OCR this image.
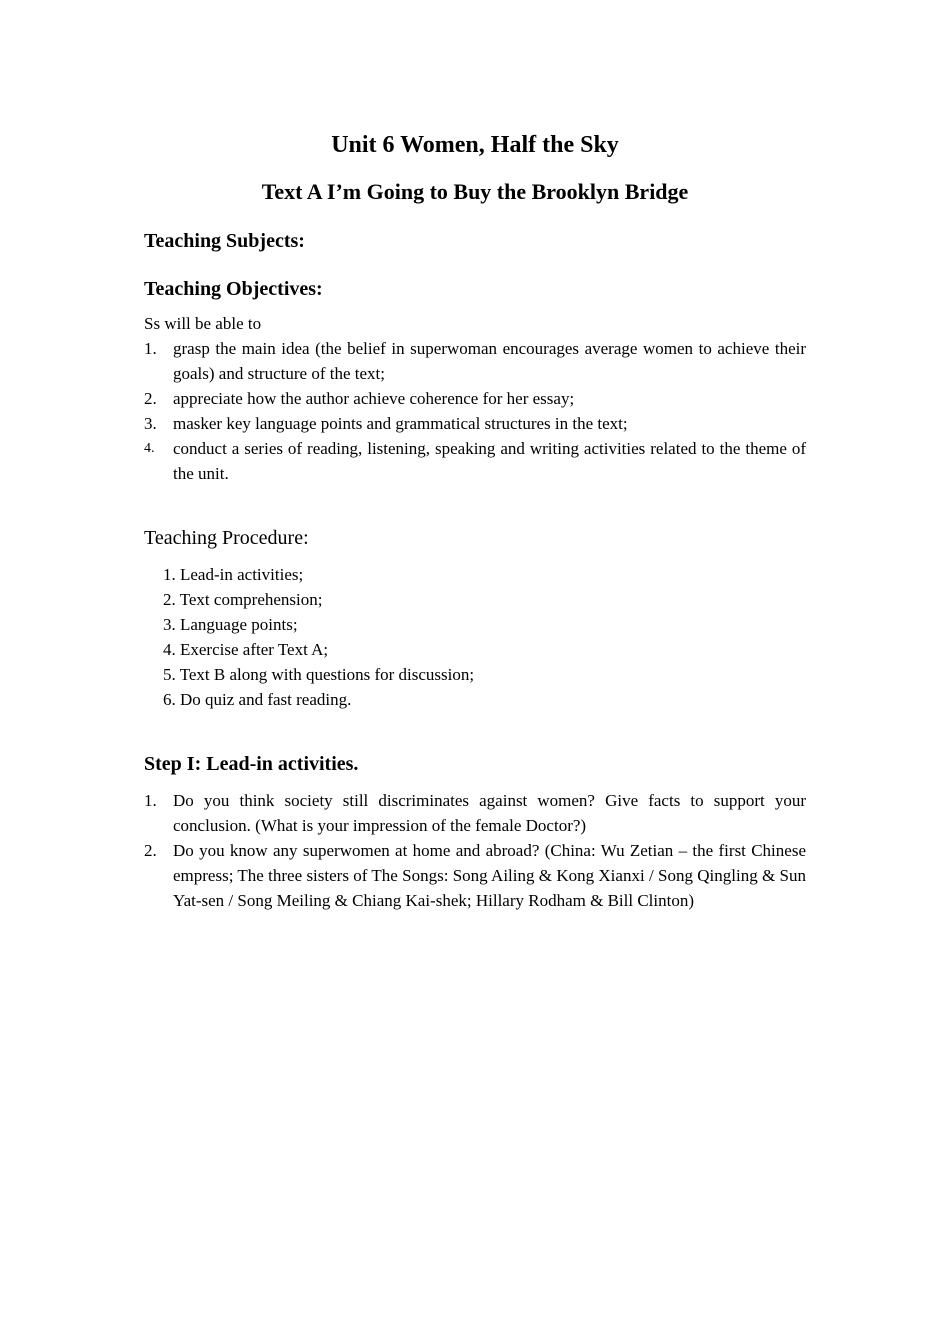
Unit 6 Women, Half the Sky
Text A I’m Going to Buy the Brooklyn Bridge
Teaching Subjects:
Teaching Objectives:

Ss will be able to

1. grasp the main idea (the belief in superwoman encourages average women to achieve their goals) and structure of the text;
2. appreciate how the author achieve coherence for her essay;
3. masker key language points and grammatical structures in the text;
4. conduct a series of reading, listening, speaking and writing activities related to the theme of the unit.
Teaching Procedure:
1. Lead-in activities;
2. Text comprehension;
3. Language points;
4. Exercise after Text A;
5. Text B along with questions for discussion;
6. Do quiz and fast reading.
Step I: Lead-in activities.
1. Do you think society still discriminates against women? Give facts to support your conclusion. (What is your impression of the female Doctor?)
2. Do you know any superwomen at home and abroad? (China: Wu Zetian – the first Chinese empress; The three sisters of The Songs: Song Ailing & Kong Xianxi / Song Qingling & Sun Yat-sen / Song Meiling & Chiang Kai-shek; Hillary Rodham & Bill Clinton)
